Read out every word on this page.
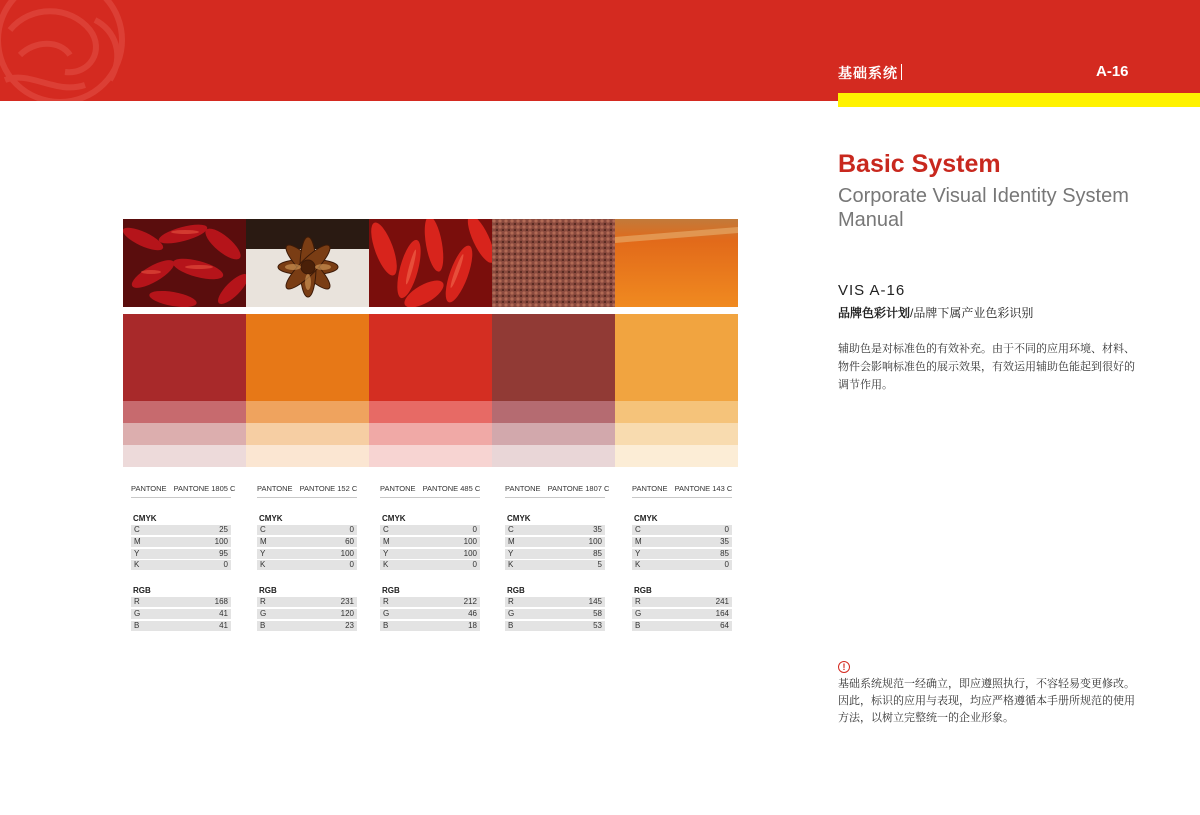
基础系统	A-16
Basic System
Corporate Visual Identity System Manual
VIS A-16
品牌色彩计划/品牌下属产业色彩识别
辅助色是对标准色的有效补充。由于不同的应用环境、材料、物件会影响标准色的展示效果，有效运用辅助色能起到很好的调节作用。
!
基础系统规范一经确立，即应遵照执行，不容轻易变更修改。因此，标识的应用与表现，均应严格遵循本手册所规范的使用方法，以树立完整统一的企业形象。
PANTONE PANTONE 1805 C
CMYK
C	25
M	100
Y	95
K	0
RGB
R	168
G	41
B	41
PANTONE PANTONE 152 C
CMYK
C	0
M	60
Y	100
K	0
RGB
R	231
G	120
B	23
PANTONE PANTONE 485 C
CMYK
C	0
M	100
Y	100
K	0
RGB
R	212
G	46
B	18
PANTONE PANTONE 1807 C
CMYK
C	35
M	100
Y	85
K	5
RGB
R	145
G	58
B	53
PANTONE PANTONE 143 C
CMYK
C	0
M	35
Y	85
K	0
RGB
R	241
G	164
B	64
